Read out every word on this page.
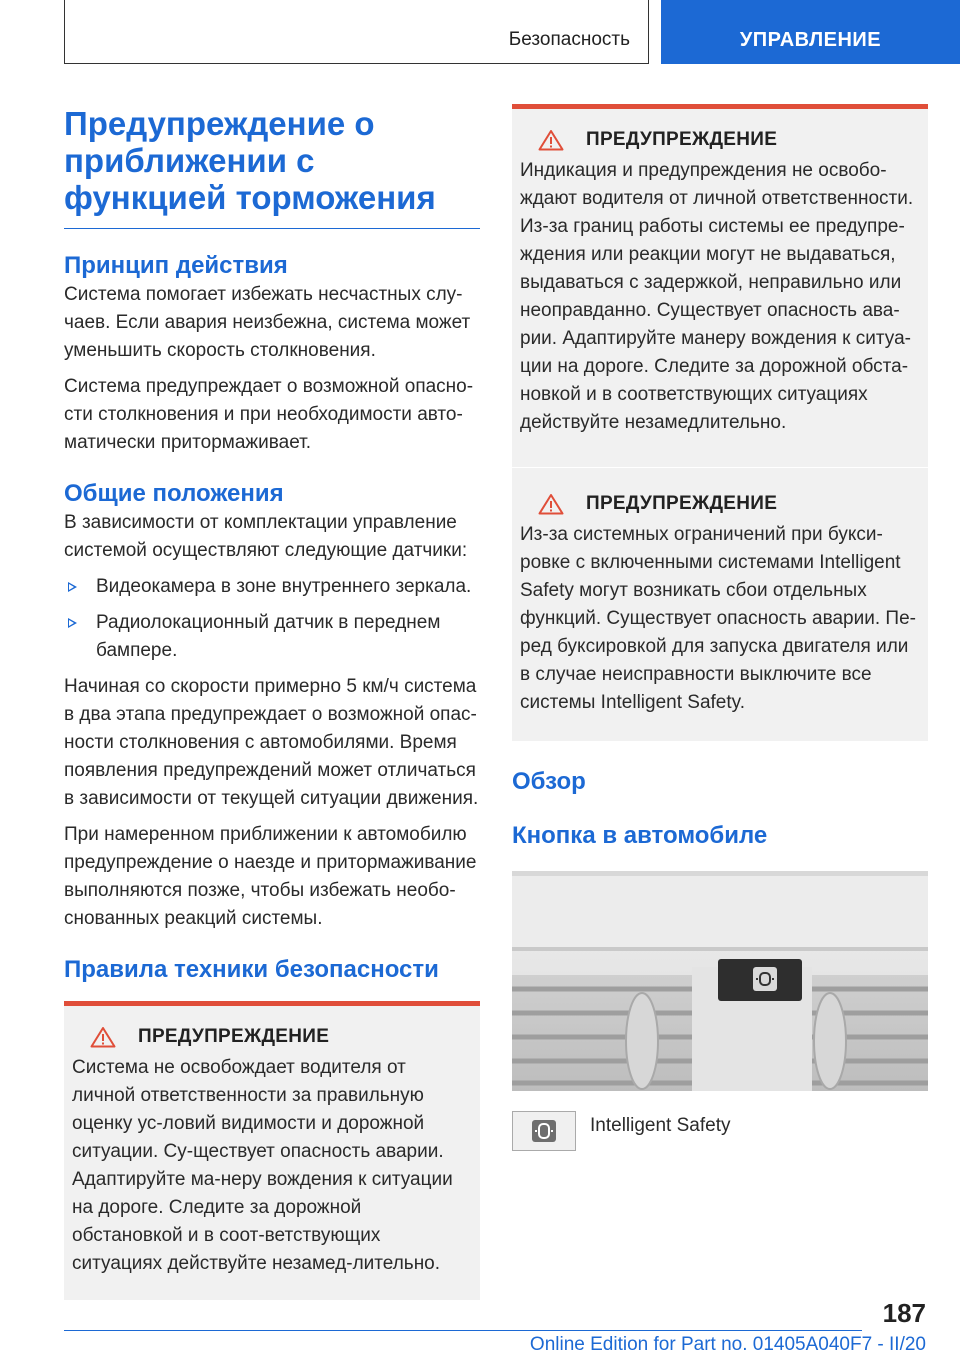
Безопасность	УПРАВЛЕНИЕ
Предупреждение о приближении с функцией торможения
Принцип действия

Система помогает избежать несчастных слу-чаев. Если авария неизбежна, система может уменьшить скорость столкновения.

Система предупреждает о возможной опасно-сти столкновения и при необходимости авто-матически притормаживает.

Общие положения

В зависимости от комплектации управление системой осуществляют следующие датчики:

Видеокамера в зоне внутреннего зеркала.
Радиолокационный датчик в переднем бампере.

Начиная со скорости примерно 5 км/ч система в два этапа предупреждает о возможной опас-ности столкновения с автомобилями. Время появления предупреждений может отличаться в зависимости от текущей ситуации движения.

При намеренном приближении к автомобилю предупреждение о наезде и притормаживание выполняются позже, чтобы избежать необо-снованных реакций системы.

Правила техники безопасности
ПРЕДУПРЕЖДЕНИЕ

Система не освобождает водителя от личной ответственности за правильную оценку ус-ловий видимости и дорожной ситуации. Су-ществует опасность аварии. Адаптируйте ма-неру вождения к ситуации на дороге. Следите за дорожной обстановкой и в соот-ветствующих ситуациях действуйте незамед-лительно.

ПРЕДУПРЕЖДЕНИЕ

Индикация и предупреждения не освобо-ждают водителя от личной ответственности. Из-за границ работы системы ее предупре-ждения или реакции могут не выдаваться, выдаваться с задержкой, неправильно или неоправданно. Существует опасность ава-рии. Адаптируйте манеру вождения к ситуа-ции на дороге. Следите за дорожной обста-новкой и в соответствующих ситуациях действуйте незамедлительно.

ПРЕДУПРЕЖДЕНИЕ

Из-за системных ограничений при букси-ровке с включенными системами Intelligent Safety могут возникать сбои отдельных функций. Существует опасность аварии. Пе-ред буксировкой для запуска двигателя или в случае неисправности выключите все системы Intelligent Safety.

Обзор
Кнопка в автомобиле
Intelligent Safety
187
Online Edition for Part no. 01405A040F7 - II/20
